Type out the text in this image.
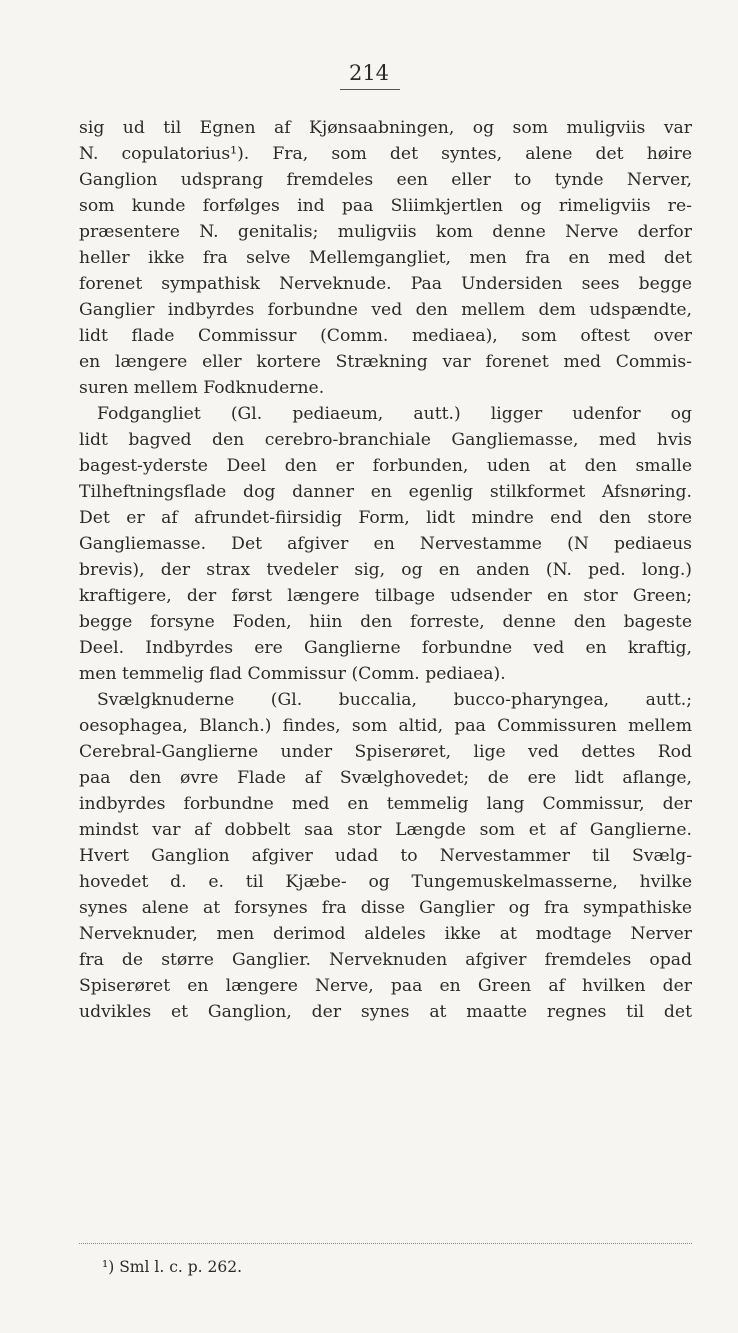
214
sig ud til Egnen af Kjønsaabningen, og som muligviis var
N. copulatorius¹). Fra, som det syntes, alene det høire
Ganglion udsprang fremdeles een eller to tynde Nerver,
som kunde forfølges ind paa Sliimkjertlen og rimeligviis re-
præsentere N. genitalis; muligviis kom denne Nerve derfor
heller ikke fra selve Mellemgangliet, men fra en med det
forenet sympathisk Nerveknude. Paa Undersiden sees begge
Ganglier indbyrdes forbundne ved den mellem dem udspændte,
lidt flade Commissur (Comm. mediaea), som oftest over
en længere eller kortere Strækning var forenet med Commis-
suren mellem Fodknuderne.
Fodgangliet (Gl. pediaeum, autt.) ligger udenfor og
lidt bagved den cerebro-branchiale Gangliemasse, med hvis
bagest-yderste Deel den er forbunden, uden at den smalle
Tilheftningsflade dog danner en egenlig stilkformet Afsnøring.
Det er af afrundet-fiirsidig Form, lidt mindre end den store
Gangliemasse. Det afgiver en Nervestamme (N pediaeus
brevis), der strax tvedeler sig, og en anden (N. ped. long.)
kraftigere, der først længere tilbage udsender en stor Green;
begge forsyne Foden, hiin den forreste, denne den bageste
Deel. Indbyrdes ere Ganglierne forbundne ved en kraftig,
men temmelig flad Commissur (Comm. pediaea).
Svælgknuderne (Gl. buccalia, bucco-pharyngea, autt.;
oesophagea, Blanch.) findes, som altid, paa Commissuren mellem
Cerebral-Ganglierne under Spiserøret, lige ved dettes Rod
paa den øvre Flade af Svælghovedet; de ere lidt aflange,
indbyrdes forbundne med en temmelig lang Commissur, der
mindst var af dobbelt saa stor Længde som et af Ganglierne.
Hvert Ganglion afgiver udad to Nervestammer til Svælg-
hovedet d. e. til Kjæbe- og Tungemuskelmasserne, hvilke
synes alene at forsynes fra disse Ganglier og fra sympathiske
Nerveknuder, men derimod aldeles ikke at modtage Nerver
fra de større Ganglier. Nerveknuden afgiver fremdeles opad
Spiserøret en længere Nerve, paa en Green af hvilken der
udvikles et Ganglion, der synes at maatte regnes til det
¹) Sml l. c. p. 262.
